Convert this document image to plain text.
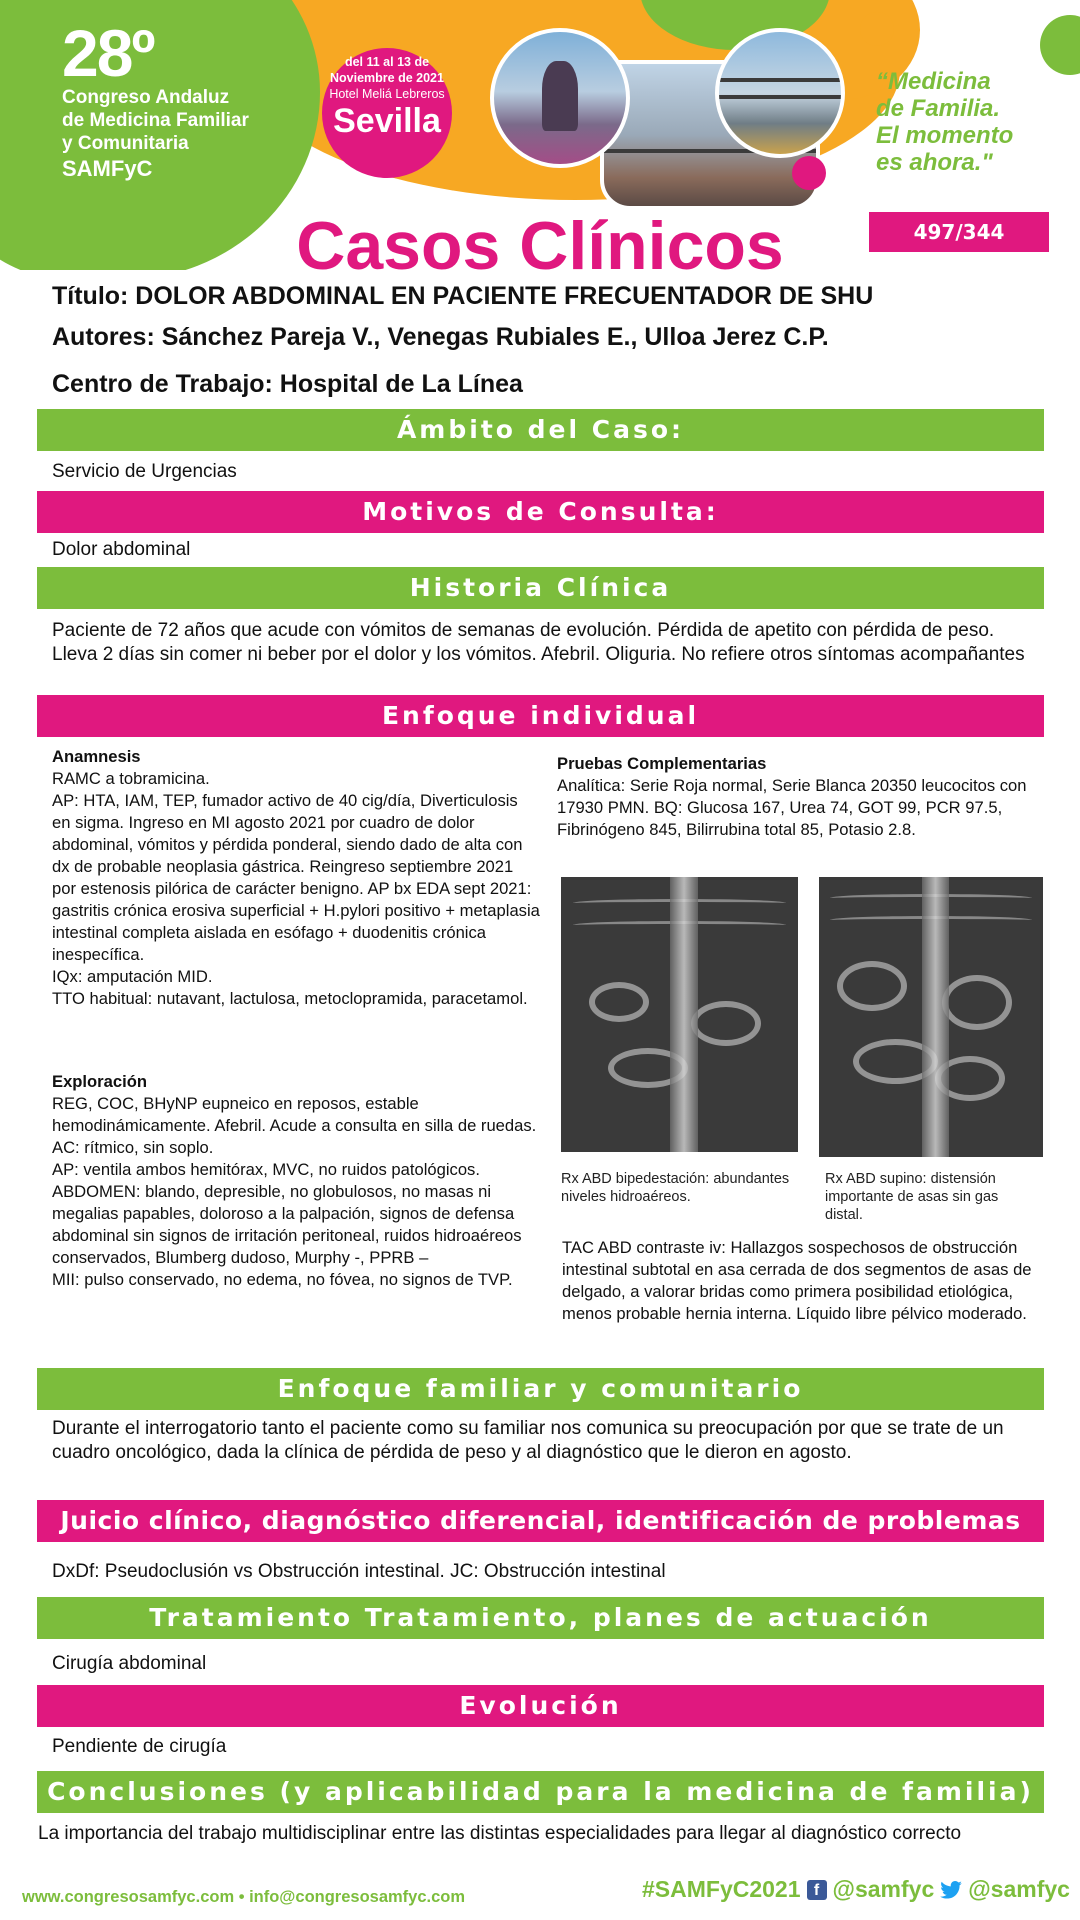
28º
Congreso Andaluz
de Medicina Familiar
y Comunitaria
SAMFyC
del 11 al 13 de
Noviembre de 2021
Hotel Meliá Lebreros
Sevilla
“Medicina
de Familia.
El momento
es ahora."
Casos Clínicos	497/344
Título: DOLOR ABDOMINAL EN PACIENTE FRECUENTADOR DE SHU
Autores: Sánchez Pareja V., Venegas Rubiales E., Ulloa Jerez C.P.
Centro de Trabajo: Hospital de La Línea
Ámbito del Caso:
Servicio de Urgencias
Motivos de Consulta:
Dolor abdominal
Historia Clínica
Paciente de 72 años que acude con vómitos de semanas de evolución. Pérdida de apetito con pérdida de peso. Lleva 2 días sin comer ni beber por el dolor y los vómitos. Afebril. Oliguria. No refiere otros síntomas acompañantes
Enfoque individual
Anamnesis

RAMC a tobramicina.

AP: HTA, IAM, TEP, fumador activo de 40 cig/día, Diverticulosis en sigma. Ingreso en MI agosto 2021 por cuadro de dolor abdominal, vómitos y pérdida ponderal, siendo dado de alta con dx de probable neoplasia gástrica. Reingreso septiembre 2021 por estenosis pilórica de carácter benigno. AP bx EDA sept 2021: gastritis crónica erosiva superficial + H.pylori positivo + metaplasia intestinal completa aislada en esófago + duodenitis crónica inespecífica.

IQx: amputación MID.

TTO habitual: nutavant, lactulosa, metoclopramida, paracetamol.

Exploración

REG, COC, BHyNP eupneico en reposos, estable hemodinámicamente. Afebril. Acude a consulta en silla de ruedas.

AC: rítmico, sin soplo.

AP: ventila ambos hemitórax, MVC, no ruidos patológicos.

ABDOMEN: blando, depresible, no globulosos, no masas ni megalias papables, doloroso a la palpación, signos de defensa abdominal sin signos de irritación peritoneal, ruidos hidroaéreos conservados, Blumberg dudoso, Murphy -, PPRB –

MII: pulso conservado, no edema, no fóvea, no signos de TVP.

Pruebas Complementarias

Analítica: Serie Roja normal, Serie Blanca 20350 leucocitos con 17930 PMN. BQ: Glucosa 167, Urea 74, GOT 99, PCR 97.5, Fibrinógeno 845, Bilirrubina total 85, Potasio 2.8.

Rx ABD bipedestación: abundantes niveles hidroaéreos.
Rx ABD supino: distensión importante de asas sin gas distal.
TAC ABD contraste iv: Hallazgos sospechosos de obstrucción intestinal subtotal en asa cerrada de dos segmentos de asas de delgado, a valorar bridas como primera posibilidad etiológica, menos probable hernia interna. Líquido libre pélvico moderado.
Enfoque familiar y comunitario
Durante el interrogatorio tanto el paciente como su familiar nos comunica su preocupación por que se trate de un cuadro oncológico, dada la clínica de pérdida de peso y al diagnóstico que le dieron en agosto.
Juicio clínico, diagnóstico diferencial, identificación de problemas
DxDf: Pseudoclusión vs Obstrucción intestinal. JC: Obstrucción intestinal
Tratamiento Tratamiento, planes de actuación
Cirugía abdominal
Evolución
Pendiente de cirugía
Conclusiones (y aplicabilidad para la medicina de familia)
La importancia del trabajo multidisciplinar entre las distintas especialidades para llegar al diagnóstico correcto
www.congresosamfyc.com • info@congresosamfyc.com	#SAMFyC2021 f @samfyc @samfyc
